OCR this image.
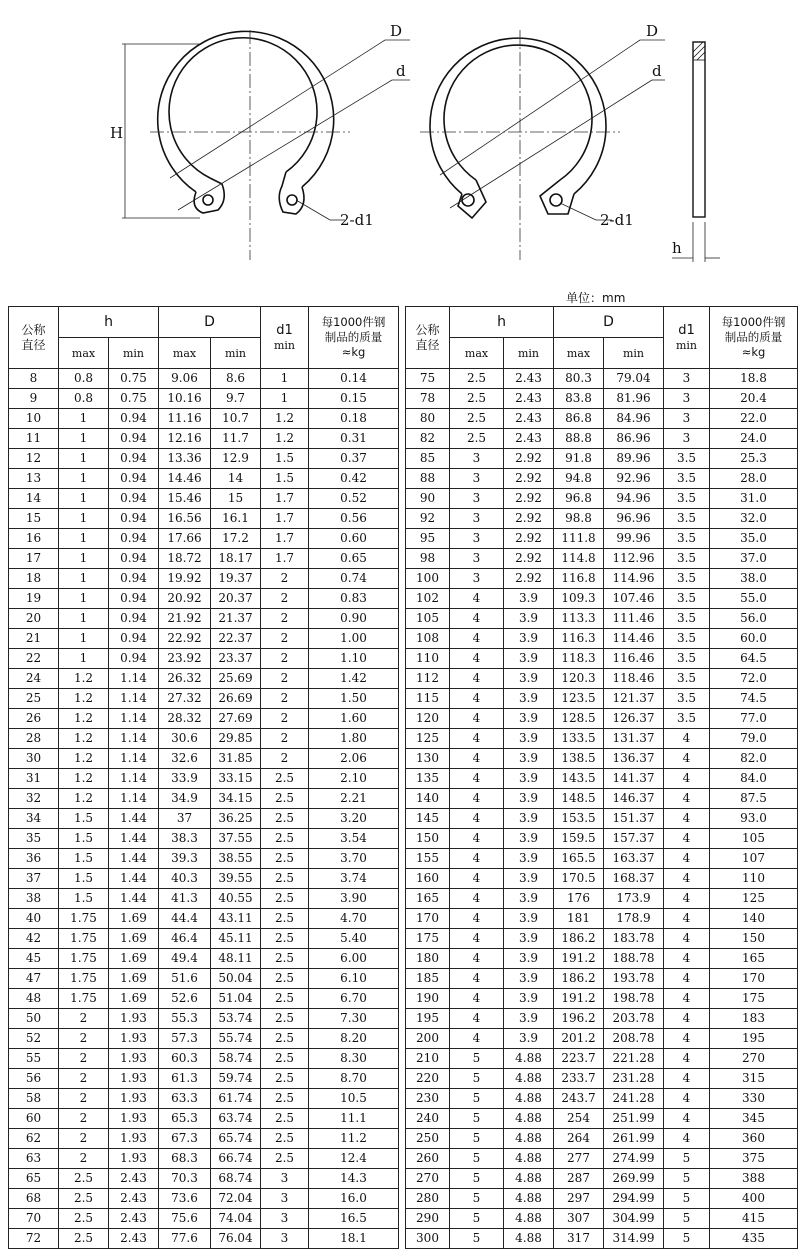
D
d
H
2-d1
D
d
2-d1
h
单位：mm
公称
直径	h		D		d1
min	每1000件钢
制品的质量
≈kg

	max	min	max	min		
8	0.8	0.75	9.06	8.6	1	0.14
9	0.8	0.75	10.16	9.7	1	0.15
10	1	0.94	11.16	10.7	1.2	0.18
11	1	0.94	12.16	11.7	1.2	0.31
12	1	0.94	13.36	12.9	1.5	0.37
13	1	0.94	14.46	14	1.5	0.42
14	1	0.94	15.46	15	1.7	0.52
15	1	0.94	16.56	16.1	1.7	0.56
16	1	0.94	17.66	17.2	1.7	0.60
17	1	0.94	18.72	18.17	1.7	0.65
18	1	0.94	19.92	19.37	2	0.74
19	1	0.94	20.92	20.37	2	0.83
20	1	0.94	21.92	21.37	2	0.90
21	1	0.94	22.92	22.37	2	1.00
22	1	0.94	23.92	23.37	2	1.10
24	1.2	1.14	26.32	25.69	2	1.42
25	1.2	1.14	27.32	26.69	2	1.50
26	1.2	1.14	28.32	27.69	2	1.60
28	1.2	1.14	30.6	29.85	2	1.80
30	1.2	1.14	32.6	31.85	2	2.06
31	1.2	1.14	33.9	33.15	2.5	2.10
32	1.2	1.14	34.9	34.15	2.5	2.21
34	1.5	1.44	37	36.25	2.5	3.20
35	1.5	1.44	38.3	37.55	2.5	3.54
36	1.5	1.44	39.3	38.55	2.5	3.70
37	1.5	1.44	40.3	39.55	2.5	3.74
38	1.5	1.44	41.3	40.55	2.5	3.90
40	1.75	1.69	44.4	43.11	2.5	4.70
42	1.75	1.69	46.4	45.11	2.5	5.40
45	1.75	1.69	49.4	48.11	2.5	6.00
47	1.75	1.69	51.6	50.04	2.5	6.10
48	1.75	1.69	52.6	51.04	2.5	6.70
50	2	1.93	55.3	53.74	2.5	7.30
52	2	1.93	57.3	55.74	2.5	8.20
55	2	1.93	60.3	58.74	2.5	8.30
56	2	1.93	61.3	59.74	2.5	8.70
58	2	1.93	63.3	61.74	2.5	10.5
60	2	1.93	65.3	63.74	2.5	11.1
62	2	1.93	67.3	65.74	2.5	11.2
63	2	1.93	68.3	66.74	2.5	12.4
65	2.5	2.43	70.3	68.74	3	14.3
68	2.5	2.43	73.6	72.04	3	16.0
70	2.5	2.43	75.6	74.04	3	16.5
72	2.5	2.43	77.6	76.04	3	18.1
公称
直径	h		D		d1
min	每1000件钢
制品的质量
≈kg

	max	min	max	min		
75	2.5	2.43	80.3	79.04	3	18.8
78	2.5	2.43	83.8	81.96	3	20.4
80	2.5	2.43	86.8	84.96	3	22.0
82	2.5	2.43	88.8	86.96	3	24.0
85	3	2.92	91.8	89.96	3.5	25.3
88	3	2.92	94.8	92.96	3.5	28.0
90	3	2.92	96.8	94.96	3.5	31.0
92	3	2.92	98.8	96.96	3.5	32.0
95	3	2.92	111.8	99.96	3.5	35.0
98	3	2.92	114.8	112.96	3.5	37.0
100	3	2.92	116.8	114.96	3.5	38.0
102	4	3.9	109.3	107.46	3.5	55.0
105	4	3.9	113.3	111.46	3.5	56.0
108	4	3.9	116.3	114.46	3.5	60.0
110	4	3.9	118.3	116.46	3.5	64.5
112	4	3.9	120.3	118.46	3.5	72.0
115	4	3.9	123.5	121.37	3.5	74.5
120	4	3.9	128.5	126.37	3.5	77.0
125	4	3.9	133.5	131.37	4	79.0
130	4	3.9	138.5	136.37	4	82.0
135	4	3.9	143.5	141.37	4	84.0
140	4	3.9	148.5	146.37	4	87.5
145	4	3.9	153.5	151.37	4	93.0
150	4	3.9	159.5	157.37	4	105
155	4	3.9	165.5	163.37	4	107
160	4	3.9	170.5	168.37	4	110
165	4	3.9	176	173.9	4	125
170	4	3.9	181	178.9	4	140
175	4	3.9	186.2	183.78	4	150
180	4	3.9	191.2	188.78	4	165
185	4	3.9	186.2	193.78	4	170
190	4	3.9	191.2	198.78	4	175
195	4	3.9	196.2	203.78	4	183
200	4	3.9	201.2	208.78	4	195
210	5	4.88	223.7	221.28	4	270
220	5	4.88	233.7	231.28	4	315
230	5	4.88	243.7	241.28	4	330
240	5	4.88	254	251.99	4	345
250	5	4.88	264	261.99	4	360
260	5	4.88	277	274.99	5	375
270	5	4.88	287	269.99	5	388
280	5	4.88	297	294.99	5	400
290	5	4.88	307	304.99	5	415
300	5	4.88	317	314.99	5	435
